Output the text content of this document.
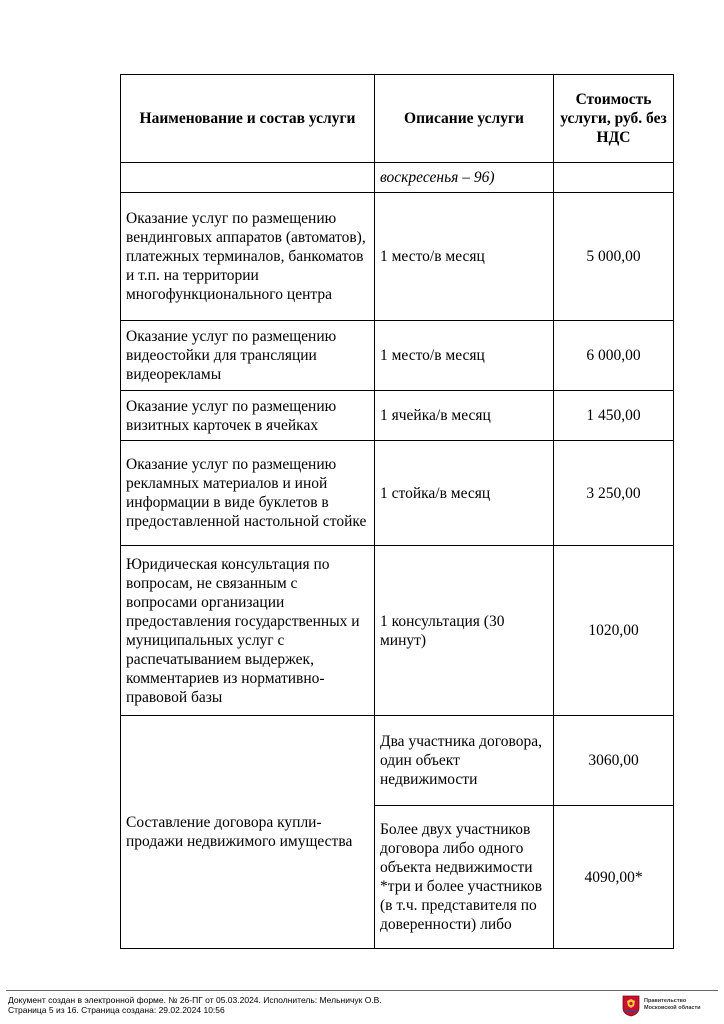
Наименование и состав услуги	Описание услуги	Стоимость услуги, руб. без НДС
	воскресенья – 96)	
Оказание услуг по размещению вендинговых аппаратов (автоматов), платежных терминалов, банкоматов и т.п. на территории многофункционального центра	1 место/в месяц	5 000,00
Оказание услуг по размещению видеостойки для трансляции видеорекламы	1 место/в месяц	6 000,00
Оказание услуг по размещению визитных карточек в ячейках	1 ячейка/в месяц	1 450,00
Оказание услуг по размещению рекламных материалов и иной информации в виде буклетов в предоставленной настольной стойке	1 стойка/в месяц	3 250,00
Юридическая консультация по вопросам, не связанным с вопросами организации предоставления государственных и муниципальных услуг с распечатыванием выдержек, комментариев из нормативно-правовой базы	1 консультация (30 минут)	1020,00
Составление договора купли-продажи недвижимого имущества	Два участника договора, один объект недвижимости	3060,00
	Более двух участников договора либо одного объекта недвижимости *три и более участников (в т.ч. представителя по доверенности) либо	4090,00*
Документ создан в электронной форме. № 26-ПГ от 05.03.2024. Исполнитель: Мельничук О.В.
Страница 5 из 16. Страница создана: 29.02.2024 10:56
Правительство Московской области
